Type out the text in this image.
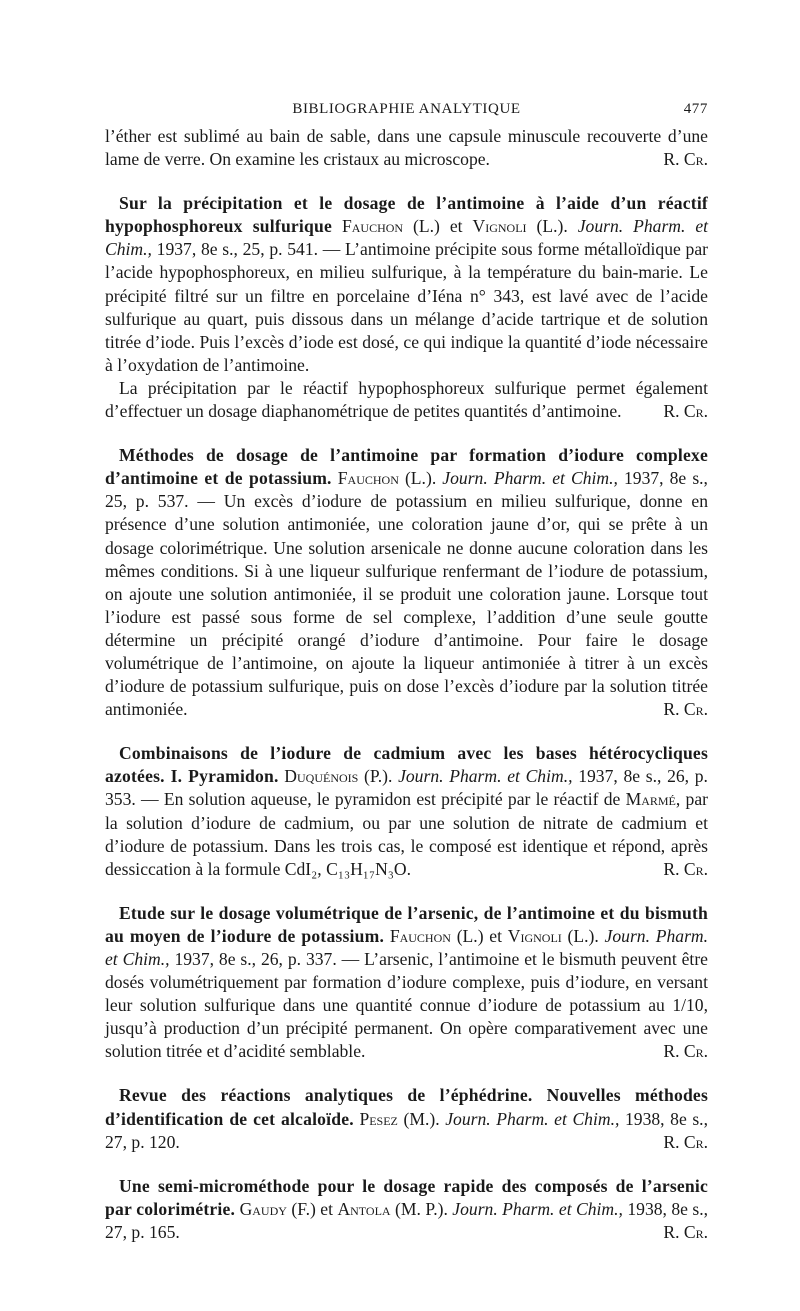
BIBLIOGRAPHIE ANALYTIQUE	477

l’éther est sublimé au bain de sable, dans une capsule minuscule recouverte d’une lame de verre. On examine les cristaux au microscope.	R. Cr.

Sur la précipitation et le dosage de l’antimoine à l’aide d’un réactif hypophosphoreux sulfurique Fauchon (L.) et Vignoli (L.). Journ. Pharm. et Chim., 1937, 8e s., 25, p. 541. — L’antimoine précipite sous forme métalloïdique par l’acide hypophosphoreux, en milieu sulfurique, à la température du bain-marie. Le précipité filtré sur un filtre en porcelaine d’Iéna n° 343, est lavé avec de l’acide sulfurique au quart, puis dissous dans un mélange d’acide tartrique et de solution titrée d’iode. Puis l’excès d’iode est dosé, ce qui indique la quantité d’iode nécessaire à l’oxydation de l’antimoine.

La précipitation par le réactif hypophosphoreux sulfurique permet également d’effectuer un dosage diaphanométrique de petites quantités d’antimoine.	R. Cr.

Méthodes de dosage de l’antimoine par formation d’iodure complexe d’antimoine et de potassium. Fauchon (L.). Journ. Pharm. et Chim., 1937, 8e s., 25, p. 537. — Un excès d’iodure de potassium en milieu sulfurique, donne en présence d’une solution antimoniée, une coloration jaune d’or, qui se prête à un dosage colorimétrique. Une solution arsenicale ne donne aucune coloration dans les mêmes conditions. Si à une liqueur sulfurique renfermant de l’iodure de potassium, on ajoute une solution antimoniée, il se produit une coloration jaune. Lorsque tout l’iodure est passé sous forme de sel complexe, l’addition d’une seule goutte détermine un précipité orangé d’iodure d’antimoine. Pour faire le dosage volumétrique de l’antimoine, on ajoute la liqueur antimoniée à titrer à un excès d’iodure de potassium sulfurique, puis on dose l’excès d’iodure par la solution titrée antimoniée.	R. Cr.

Combinaisons de l’iodure de cadmium avec les bases hétérocycliques azotées. I. Pyramidon. Duquénois (P.). Journ. Pharm. et Chim., 1937, 8e s., 26, p. 353. — En solution aqueuse, le pyramidon est précipité par le réactif de Marmé, par la solution d’iodure de cadmium, ou par une solution de nitrate de cadmium et d’iodure de potassium. Dans les trois cas, le composé est identique et répond, après dessiccation à la formule CdI₂, C₁₃H₁₇N₃O.	R. Cr.

Etude sur le dosage volumétrique de l’arsenic, de l’antimoine et du bismuth au moyen de l’iodure de potassium. Fauchon (L.) et Vignoli (L.). Journ. Pharm. et Chim., 1937, 8e s., 26, p. 337. — L’arsenic, l’antimoine et le bismuth peuvent être dosés volumétriquement par formation d’iodure complexe, puis d’iodure, en versant leur solution sulfurique dans une quantité connue d’iodure de potassium au 1/10, jusqu’à production d’un précipité permanent. On opère comparativement avec une solution titrée et d’acidité semblable.	R. Cr.

Revue des réactions analytiques de l’éphédrine. Nouvelles méthodes d’identification de cet alcaloïde. Pesez (M.). Journ. Pharm. et Chim., 1938, 8e s., 27, p. 120.	R. Cr.

Une semi-microméthode pour le dosage rapide des composés de l’arsenic par colorimétrie. Gaudy (F.) et Antola (M. P.). Journ. Pharm. et Chim., 1938, 8e s., 27, p. 165.	R. Cr.
